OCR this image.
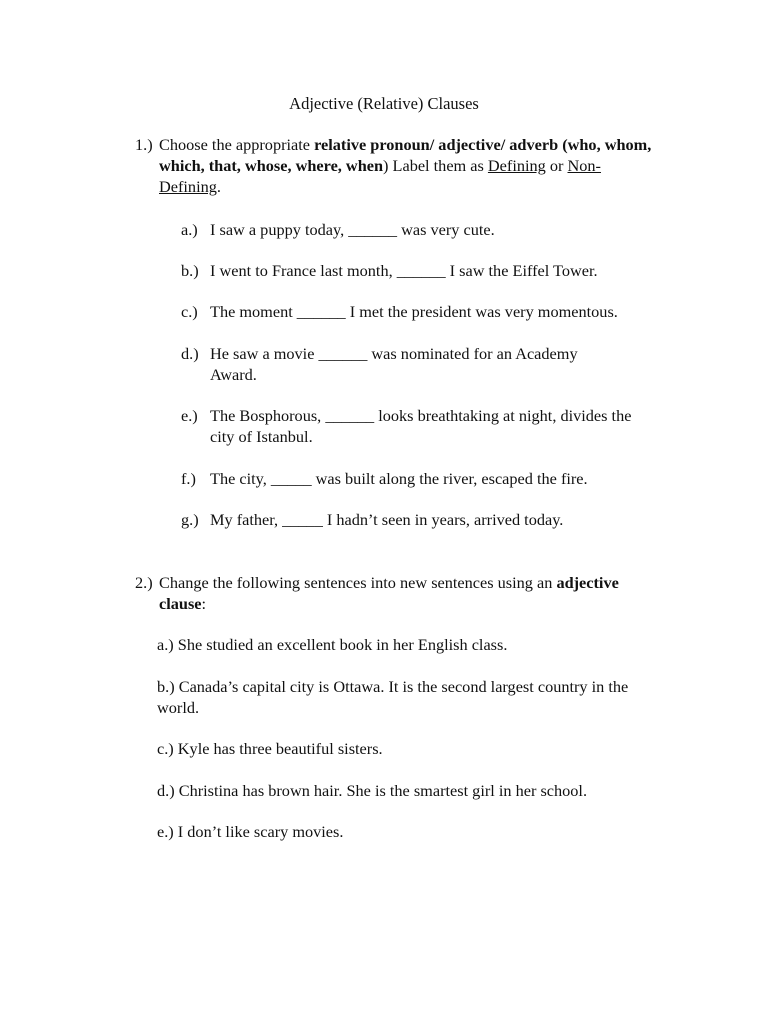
Adjective (Relative) Clauses
1.) Choose the appropriate relative pronoun/ adjective/ adverb (who, whom, which, that, whose, where, when) Label them as Defining or Non-Defining.
a.) I saw a puppy today, ______ was very cute.
b.) I went to France last month, ______ I saw the Eiffel Tower.
c.) The moment ______ I met the president was very momentous.
d.) He saw a movie ______ was nominated for an Academy Award.
e.) The Bosphorous, ______ looks breathtaking at night, divides the city of Istanbul.
f.) The city, _____ was built along the river, escaped the fire.
g.) My father, _____ I hadn’t seen in years, arrived today.
2.) Change the following sentences into new sentences using an adjective clause:
a.) She studied an excellent book in her English class.
b.) Canada’s capital city is Ottawa. It is the second largest country in the world.
c.) Kyle has three beautiful sisters.
d.) Christina has brown hair. She is the smartest girl in her school.
e.) I don’t like scary movies.
